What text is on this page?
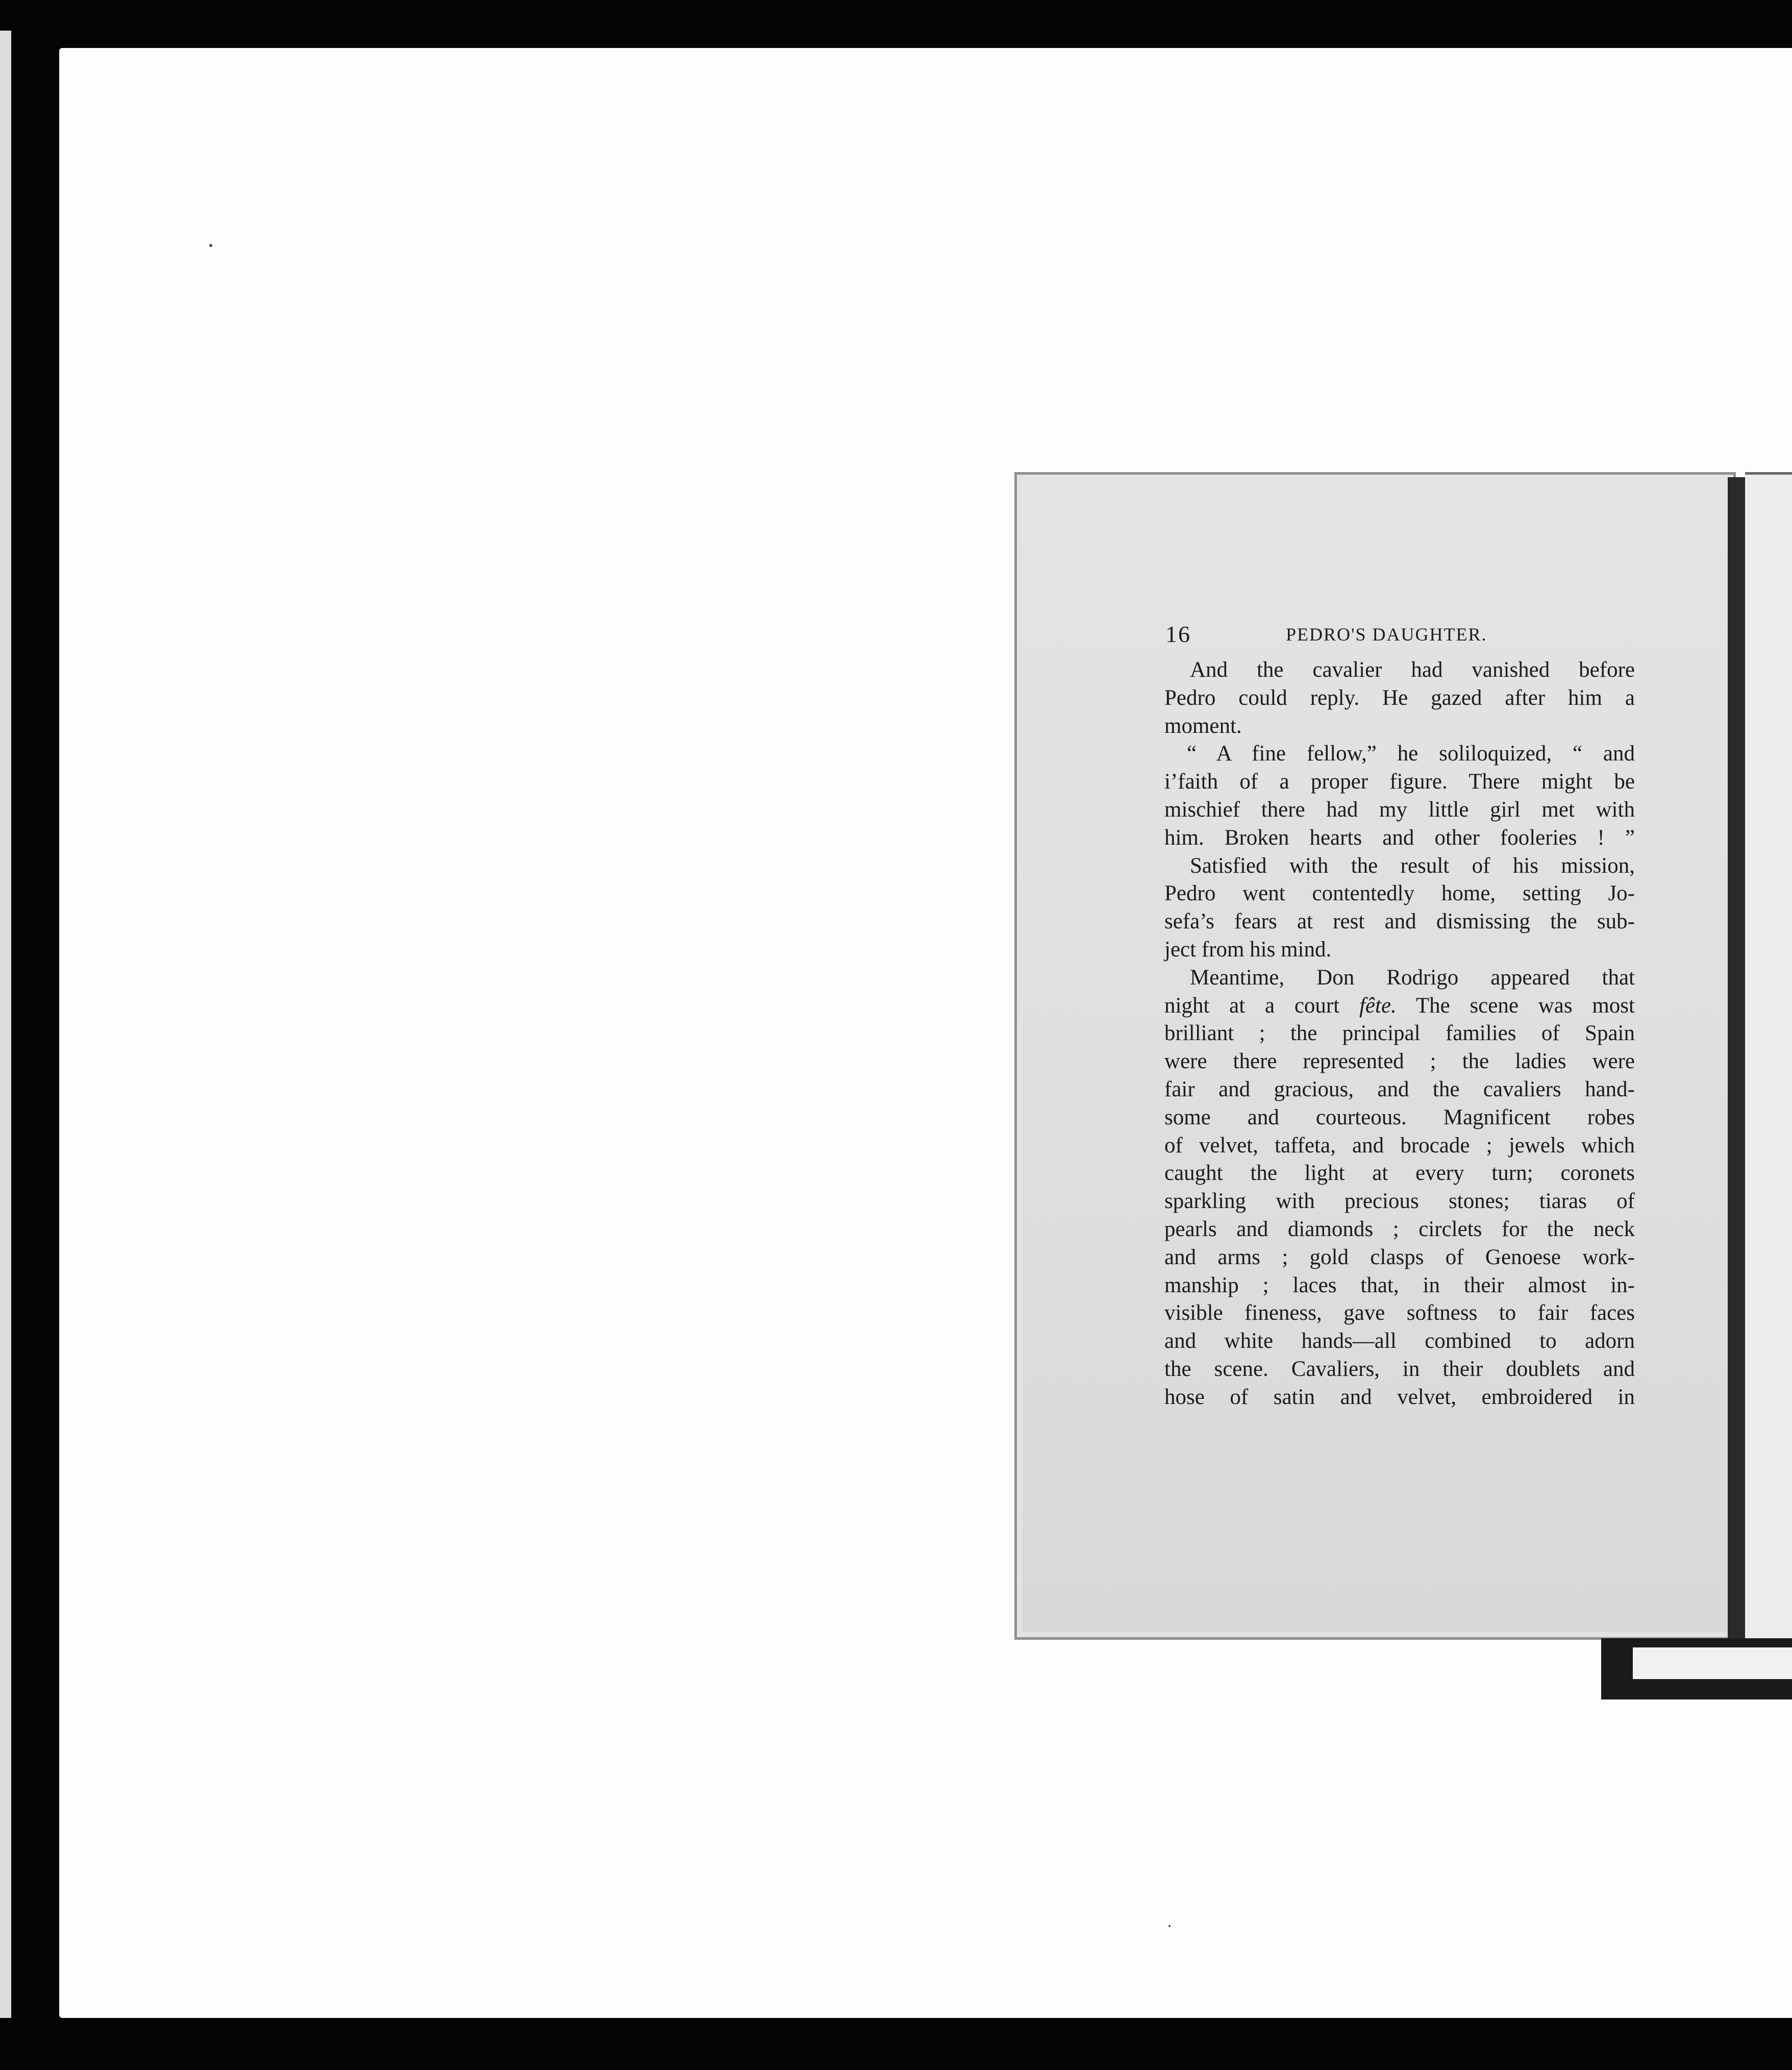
16	PEDRO'S DAUGHTER.

And the cavalier had vanished before
Pedro could reply. He gazed after him a
moment.

“ A fine fellow,” he soliloquized, “ and
i’faith of a proper figure. There might be
mischief there had my little girl met with
him. Broken hearts and other fooleries ! ”

Satisfied with the result of his mission,
Pedro went contentedly home, setting Jo-
sefa’s fears at rest and dismissing the sub-
ject from his mind.

Meantime, Don Rodrigo appeared that
night at a court fête. The scene was most
brilliant ; the principal families of Spain
were there represented ; the ladies were
fair and gracious, and the cavaliers hand-
some and courteous. Magnificent robes
of velvet, taffeta, and brocade ; jewels which
caught the light at every turn; coronets
sparkling with precious stones; tiaras of
pearls and diamonds ; circlets for the neck
and arms ; gold clasps of Genoese work-
manship ; laces that, in their almost in-
visible fineness, gave softness to fair faces
and white hands—all combined to adorn
the scene. Cavaliers, in their doublets and
hose of satin and velvet, embroidered in
